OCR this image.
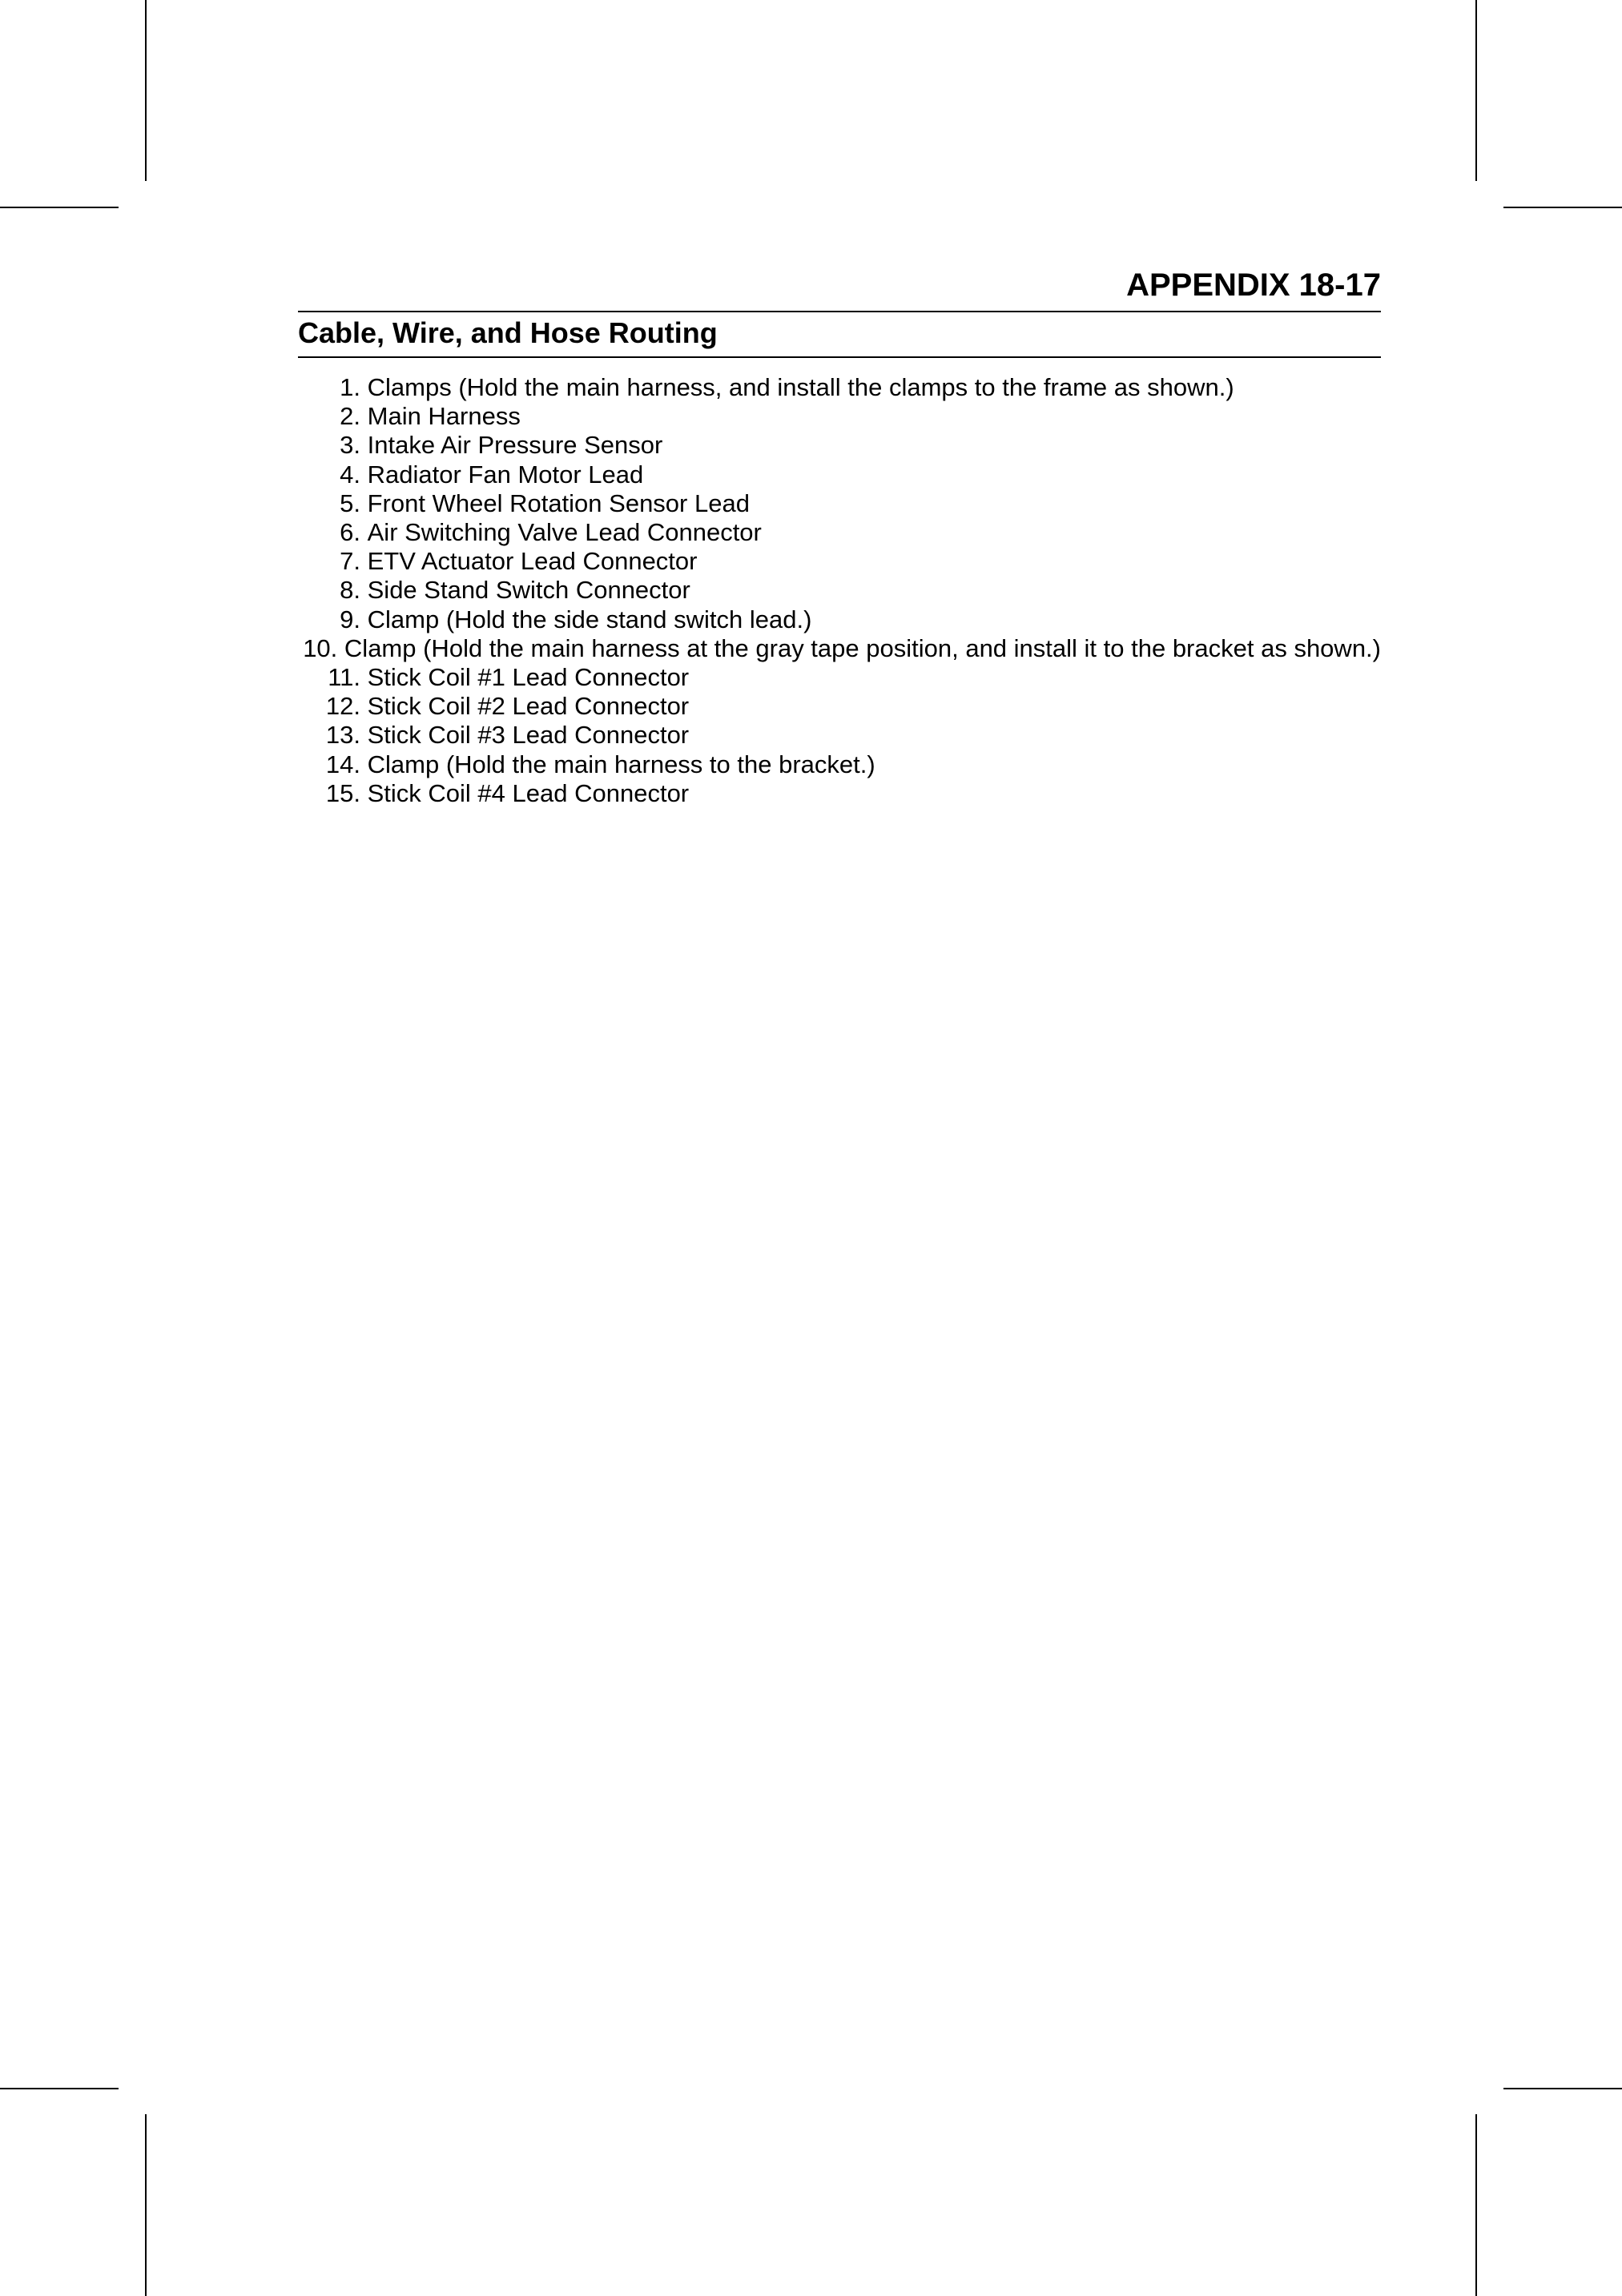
APPENDIX 18-17
Cable, Wire, and Hose Routing
1.
Clamps (Hold the main harness, and install the clamps to the frame as shown.)
2.
Main Harness
3.
Intake Air Pressure Sensor
4.
Radiator Fan Motor Lead
5.
Front Wheel Rotation Sensor Lead
6.
Air Switching Valve Lead Connector
7.
ETV Actuator Lead Connector
8.
Side Stand Switch Connector
9.
Clamp (Hold the side stand switch lead.)
10.
Clamp (Hold the main harness at the gray tape position, and install it to the bracket as shown.)
11.
Stick Coil #1 Lead Connector
12.
Stick Coil #2 Lead Connector
13.
Stick Coil #3 Lead Connector
14.
Clamp (Hold the main harness to the bracket.)
15.
Stick Coil #4 Lead Connector
